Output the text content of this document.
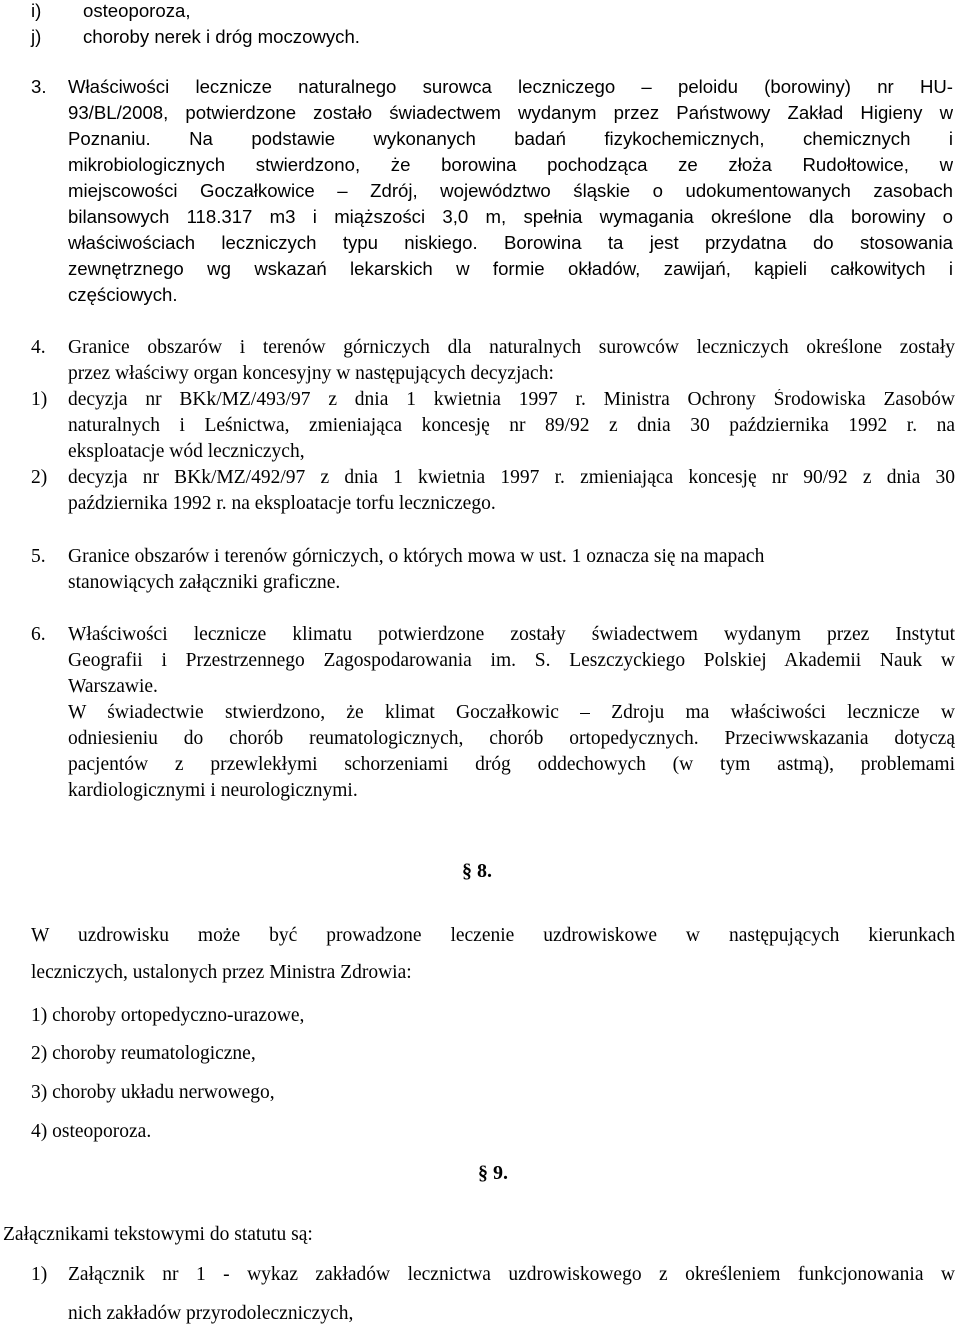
i) osteoporoza,
j) choroby nerek i dróg moczowych.
3. Właściwości lecznicze naturalnego surowca leczniczego – peloidu (borowiny) nr HU-
93/BL/2008, potwierdzone zostało świadectwem wydanym przez Państwowy Zakład Higieny w
Poznaniu. Na podstawie wykonanych badań fizykochemicznych, chemicznych i
mikrobiologicznych stwierdzono, że borowina pochodząca ze złoża Rudołtowice, w
miejscowości Goczałkowice – Zdrój, województwo śląskie o udokumentowanych zasobach
bilansowych 118.317 m3 i miąższości 3,0 m, spełnia wymagania określone dla borowiny o
właściwościach leczniczych typu niskiego. Borowina ta jest przydatna do stosowania
zewnętrznego wg wskazań lekarskich w formie okładów, zawijań, kąpieli całkowitych i
częściowych.
4. Granice obszarów i terenów górniczych dla naturalnych surowców leczniczych określone zostały
przez właściwy organ koncesyjny w następujących decyzjach:
1) decyzja nr BKk/MZ/493/97 z dnia 1 kwietnia 1997 r. Ministra Ochrony Środowiska Zasobów
naturalnych i Leśnictwa, zmieniająca koncesję nr 89/92 z dnia 30 października 1992 r. na
eksploatacje wód leczniczych,
2) decyzja nr BKk/MZ/492/97 z dnia 1 kwietnia 1997 r. zmieniająca koncesję nr 90/92 z dnia 30
października 1992 r. na eksploatacje torfu leczniczego.
5. Granice obszarów i terenów górniczych, o których mowa w ust. 1 oznacza się na mapach
stanowiących załączniki graficzne.
6. Właściwości lecznicze klimatu potwierdzone zostały świadectwem wydanym przez Instytut
Geografii i Przestrzennego Zagospodarowania im. S. Leszczyckiego Polskiej Akademii Nauk w
Warszawie.
W świadectwie stwierdzono, że klimat Goczałkowic – Zdroju ma właściwości lecznicze w
odniesieniu do chorób reumatologicznych, chorób ortopedycznych. Przeciwwskazania dotyczą
pacjentów z przewlekłymi schorzeniami dróg oddechowych (w tym astmą), problemami
kardiologicznymi i neurologicznymi.
§ 8.
W uzdrowisku może być prowadzone leczenie uzdrowiskowe w następujących kierunkach
leczniczych, ustalonych przez Ministra Zdrowia:
1) choroby ortopedyczno-urazowe,
2) choroby reumatologiczne,
3) choroby układu nerwowego,
4) osteoporoza.
§ 9.
Załącznikami tekstowymi do statutu są:
1) Załącznik nr 1 - wykaz zakładów lecznictwa uzdrowiskowego z określeniem funkcjonowania w
nich zakładów przyrodoleczniczych,
